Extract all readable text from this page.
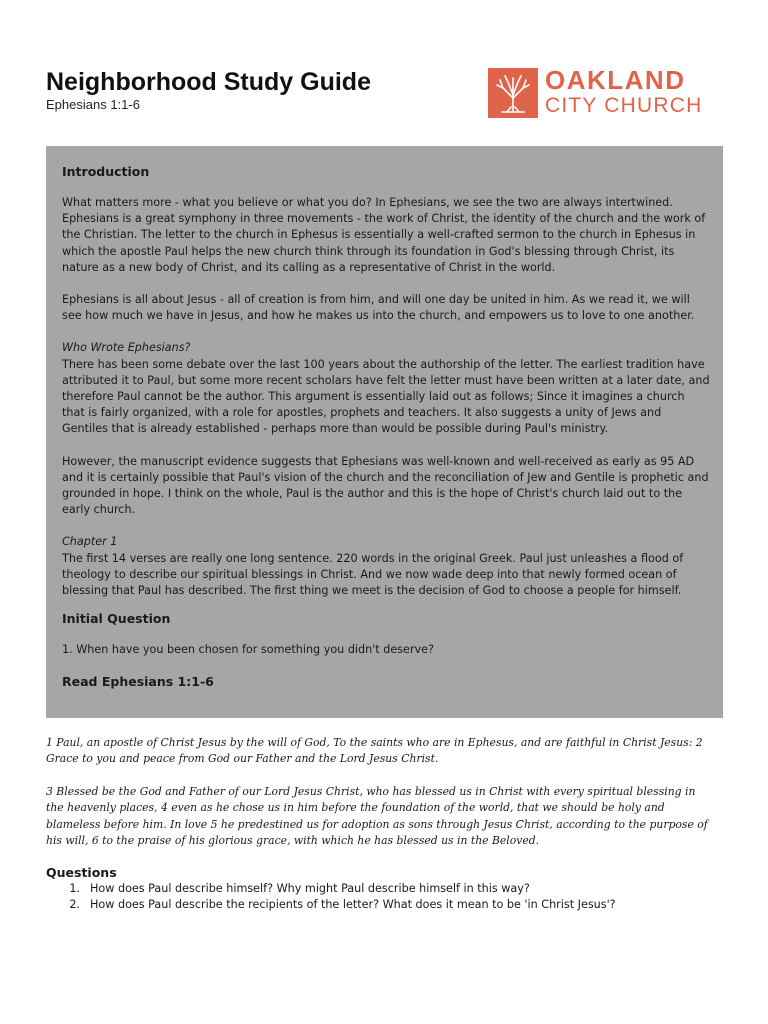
Neighborhood Study Guide
Ephesians 1:1-6
OAKLAND
CITY CHURCH
Introduction
What matters more - what you believe or what you do? In Ephesians, we see the two are always intertwined. Ephesians is a great symphony in three movements - the work of Christ, the identity of the church and the work of the Christian. The letter to the church in Ephesus is essentially a well-crafted sermon to the church in Ephesus in which the apostle Paul helps the new church think through its foundation in God's blessing through Christ, its nature as a new body of Christ, and its calling as a representative of Christ in the world.
Ephesians is all about Jesus - all of creation is from him, and will one day be united in him. As we read it, we will see how much we have in Jesus, and how he makes us into the church, and empowers us to love to one another.
Who Wrote Ephesians?
There has been some debate over the last 100 years about the authorship of the letter. The earliest tradition have attributed it to Paul, but some more recent scholars have felt the letter must have been written at a later date, and therefore Paul cannot be the author. This argument is essentially laid out as follows; Since it imagines a church that is fairly organized, with a role for apostles, prophets and teachers. It also suggests a unity of Jews and Gentiles that is already established - perhaps more than would be possible during Paul's ministry.
However, the manuscript evidence suggests that Ephesians was well-known and well-received as early as 95 AD and it is certainly possible that Paul's vision of the church and the reconciliation of Jew and Gentile is prophetic and grounded in hope. I think on the whole, Paul is the author and this is the hope of Christ's church laid out to the early church.
Chapter 1
The first 14 verses are really one long sentence. 220 words in the original Greek. Paul just unleashes a flood of theology to describe our spiritual blessings in Christ. And we now wade deep into that newly formed ocean of blessing that Paul has described. The first thing we meet is the decision of God to choose a people for himself.
Initial Question
1. When have you been chosen for something you didn't deserve?
Read Ephesians 1:1-6
1 Paul, an apostle of Christ Jesus by the will of God, To the saints who are in Ephesus, and are faithful in Christ Jesus: 2 Grace to you and peace from God our Father and the Lord Jesus Christ.
3 Blessed be the God and Father of our Lord Jesus Christ, who has blessed us in Christ with every spiritual blessing in the heavenly places, 4 even as he chose us in him before the foundation of the world, that we should be holy and blameless before him. In love 5 he predestined us for adoption as sons through Jesus Christ, according to the purpose of his will, 6 to the praise of his glorious grace, with which he has blessed us in the Beloved.
Questions
1. How does Paul describe himself? Why might Paul describe himself in this way?
2. How does Paul describe the recipients of the letter? What does it mean to be 'in Christ Jesus'?
